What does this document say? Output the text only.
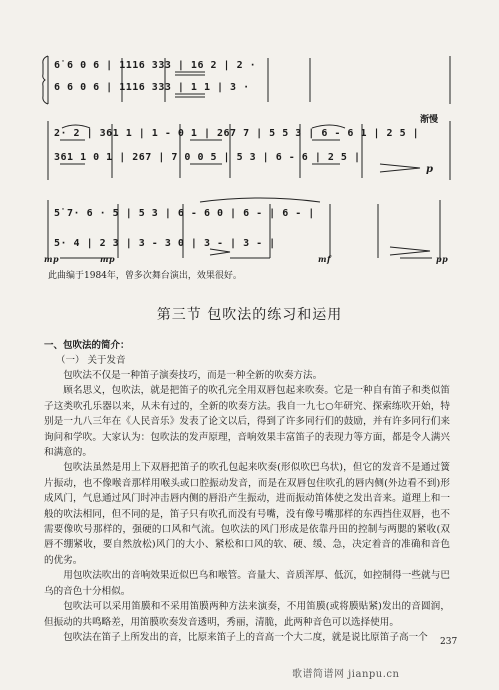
6̇ 6 0 6 | 1116 333 | 16 2 | 2 ·
6 6 0 6 | 1116 333 | 1 1 | 3 ·
渐慢
2· 2 | 361 1 | 1 - 0 1 | 267 7 | 5 5 3 | 6 - 6 1 | 2 5 |
361 1 0 1 | 267 | 7 0 0 5 | 5 3 | 6 - 6 | 2 5 |
p
5̇ 7· 6 · 5 | 5 3 | 6 - 6 0 | 6 - | 6 - |
5· 4 | 2 3 | 3 - 3 0 | 3 - | 3 - |
mp	mp	mf	pp
此曲编于1984年，曾多次舞台演出，效果很好。
第三节 包吹法的练习和运用
一、包吹法的简介：
（一） 关于发音

包吹法不仅是一种笛子演奏技巧，而是一种全新的吹奏方法。

顾名思义，包吹法，就是把笛子的吹孔完全用双唇包起来吹奏。它是一种自有笛子和类似笛子这类吹孔乐器以来，从未有过的，全新的吹奏方法。我自一九七○年研究、探索练吹开始，特别是一九八三年在《人民音乐》发表了论文以后，得到了许多同行们的鼓励，并有许多同行们来询问和学吹。大家认为：包吹法的发声原理，音响效果丰富笛子的表现力等方面，都是令人满兴和满意的。

包吹法虽然是用上下双唇把笛子的吹孔包起来吹奏(形似吹巴乌状)，但它的发音不是通过簧片振动，也不像喉音那样用喉头或口腔振动发音，而是在双唇包住吹孔的唇内侧(外边看不到)形成风门，气息通过风门时冲击唇内侧的唇沿产生振动，进而振动笛体使之发出音来。道理上和一般的吹法相同，但不同的是，笛子只有吹孔而没有号嘴，没有像号嘴那样的东西挡住双唇，也不需要像吹号那样的，强硬的口风和气流。包吹法的风门形成是依靠丹田的控制与两腮的紧收(双唇不绷紧收，要自然放松)风门的大小、紧松和口风的软、硬、缓、急，决定着音的准确和音色的优劣。

用包吹法吹出的音响效果近似巴乌和喉管。音量大、音质浑厚、低沉，如控制得一些就与巴乌的音色十分相似。

包吹法可以采用笛膜和不采用笛膜两种方法来演奏，不用笛膜(或将膜贴紧)发出的音圆润，但振动的共鸣略差，用笛膜吹奏发音透明，秀丽，清脆，此两种音色可以选择使用。

包吹法在笛子上所发出的音，比原来笛子上的音高一个大二度，就是说比原笛子高一个	237
歌谱简谱网 jianpu.cn
